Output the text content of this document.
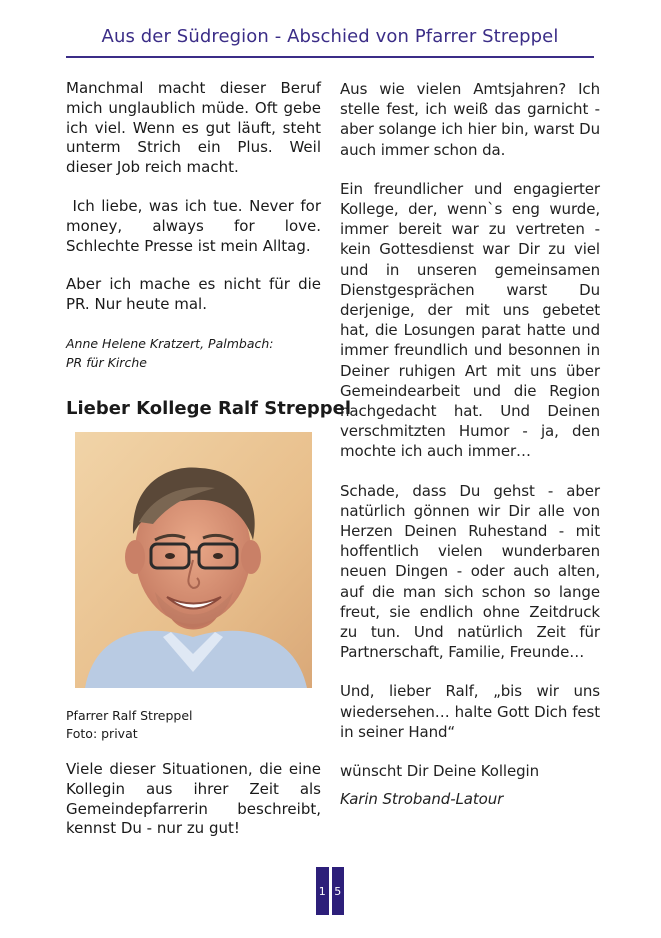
Aus der Südregion - Abschied von Pfarrer Streppel

Manchmal macht dieser Beruf mich unglaublich müde. Oft gebe ich viel. Wenn es gut läuft, steht unterm Strich ein Plus. Weil dieser Job reich macht.

Ich liebe, was ich tue. Never for money, always for love. Schlechte Presse ist mein Alltag.

Aber ich mache es nicht für die PR. Nur heute mal.

Anne Helene Kratzert, Palmbach:

PR für Kirche

Lieber Kollege Ralf Streppel
Pfarrer Ralf Streppel
Foto: privat

Viele dieser Situationen, die eine Kollegin aus ihrer Zeit als Gemeindepfarrerin beschreibt, kennst Du - nur zu gut!

Aus wie vielen Amtsjahren? Ich stelle fest, ich weiß das garnicht - aber solange ich hier bin, warst Du auch immer schon da.

Ein freundlicher und engagierter Kollege, der, wenn`s eng wurde, immer bereit war zu vertreten - kein Gottesdienst war Dir zu viel und in unseren gemeinsamen Dienstgesprächen warst Du derjenige, der mit uns gebetet hat, die Losungen parat hatte und immer freundlich und besonnen in Deiner ruhigen Art mit uns über Gemeindearbeit und die Region nachgedacht hat. Und Deinen verschmitzten Humor - ja, den mochte ich auch immer…

Schade, dass Du gehst - aber natürlich gönnen wir Dir alle von Herzen Deinen Ruhestand - mit hoffentlich vielen wunderbaren neuen Dingen - oder auch alten, auf die man sich schon so lange freut, sie endlich ohne Zeitdruck zu tun. Und natürlich Zeit für Partnerschaft, Familie, Freunde…

Und, lieber Ralf, „bis wir uns wiedersehen… halte Gott Dich fest in seiner Hand“

wünscht Dir Deine Kollegin

Karin Stroband-Latour

1 5
